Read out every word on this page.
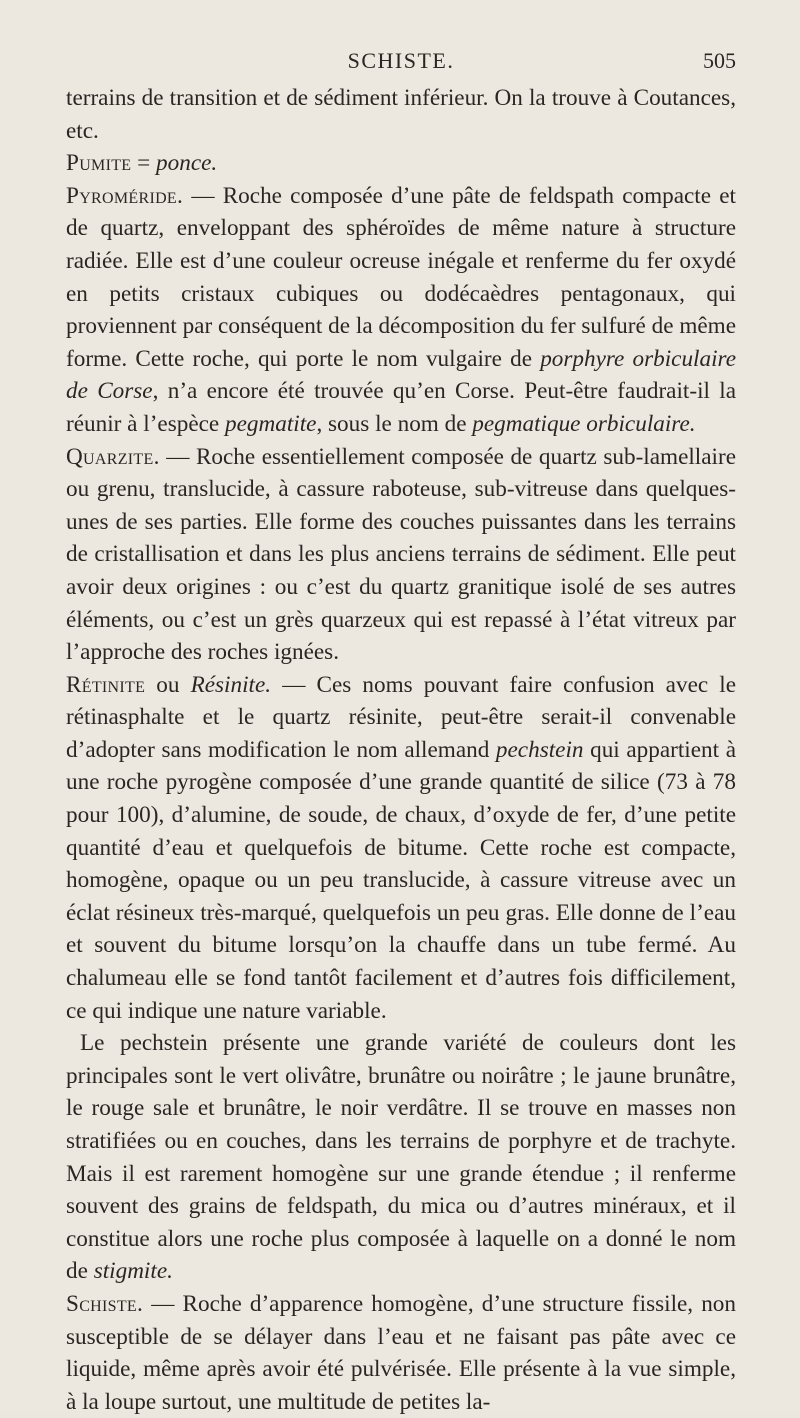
SCHISTE.	505

terrains de transition et de sédiment inférieur. On la trouve à Coutances, etc.

Pumite = ponce.

Pyroméride. — Roche composée d’une pâte de feldspath compacte et de quartz, enveloppant des sphéroïdes de même nature à structure radiée. Elle est d’une couleur ocreuse inégale et renferme du fer oxydé en petits cristaux cubiques ou dodécaèdres pentagonaux, qui proviennent par conséquent de la décomposition du fer sulfuré de même forme. Cette roche, qui porte le nom vulgaire de porphyre orbiculaire de Corse, n’a encore été trouvée qu’en Corse. Peut-être faudrait-il la réunir à l’espèce pegmatite, sous le nom de pegmatique orbiculaire.

Quarzite. — Roche essentiellement composée de quartz sub-lamellaire ou grenu, translucide, à cassure raboteuse, sub-vitreuse dans quelques-unes de ses parties. Elle forme des couches puissantes dans les terrains de cristallisation et dans les plus anciens terrains de sédiment. Elle peut avoir deux origines : ou c’est du quartz granitique isolé de ses autres éléments, ou c’est un grès quarzeux qui est repassé à l’état vitreux par l’approche des roches ignées.

Rétinite ou Résinite. — Ces noms pouvant faire confusion avec le rétinasphalte et le quartz résinite, peut-être serait-il convenable d’adopter sans modification le nom allemand pechstein qui appartient à une roche pyrogène composée d’une grande quantité de silice (73 à 78 pour 100), d’alumine, de soude, de chaux, d’oxyde de fer, d’une petite quantité d’eau et quelquefois de bitume. Cette roche est compacte, homogène, opaque ou un peu translucide, à cassure vitreuse avec un éclat résineux très-marqué, quelquefois un peu gras. Elle donne de l’eau et souvent du bitume lorsqu’on la chauffe dans un tube fermé. Au chalumeau elle se fond tantôt facilement et d’autres fois difficilement, ce qui indique une nature variable.

Le pechstein présente une grande variété de couleurs dont les principales sont le vert olivâtre, brunâtre ou noirâtre ; le jaune brunâtre, le rouge sale et brunâtre, le noir verdâtre. Il se trouve en masses non stratifiées ou en couches, dans les terrains de porphyre et de trachyte. Mais il est rarement homogène sur une grande étendue ; il renferme souvent des grains de feldspath, du mica ou d’autres minéraux, et il constitue alors une roche plus composée à laquelle on a donné le nom de stigmite.

Schiste. — Roche d’apparence homogène, d’une structure fissile, non susceptible de se délayer dans l’eau et ne faisant pas pâte avec ce liquide, même après avoir été pulvérisée. Elle présente à la vue simple, à la loupe surtout, une multitude de petites la-
